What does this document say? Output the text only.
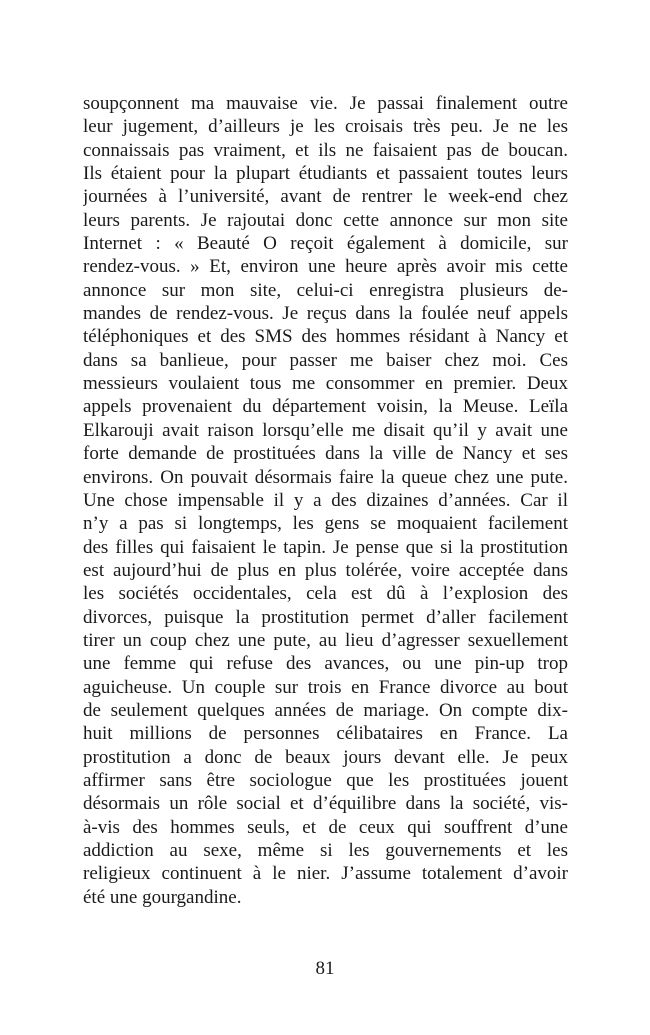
soupçonnent ma mauvaise vie. Je passai finalement outre
leur jugement, d’ailleurs je les croisais très peu. Je ne les
connaissais pas vraiment, et ils ne faisaient pas de boucan.
Ils étaient pour la plupart étudiants et passaient toutes leurs
journées à l’université, avant de rentrer le week-end chez
leurs parents. Je rajoutai donc cette annonce sur mon site
Internet : « Beauté O reçoit également à domicile, sur
rendez-vous. » Et, environ une heure après avoir mis cette
annonce sur mon site, celui-ci enregistra plusieurs de-
mandes de rendez-vous. Je reçus dans la foulée neuf appels
téléphoniques et des SMS des hommes résidant à Nancy et
dans sa banlieue, pour passer me baiser chez moi. Ces
messieurs voulaient tous me consommer en premier. Deux
appels provenaient du département voisin, la Meuse. Leïla
Elkarouji avait raison lorsqu’elle me disait qu’il y avait une
forte demande de prostituées dans la ville de Nancy et ses
environs. On pouvait désormais faire la queue chez une pute.
Une chose impensable il y a des dizaines d’années. Car il
n’y a pas si longtemps, les gens se moquaient facilement
des filles qui faisaient le tapin. Je pense que si la prostitution
est aujourd’hui de plus en plus tolérée, voire acceptée dans
les sociétés occidentales, cela est dû à l’explosion des
divorces, puisque la prostitution permet d’aller facilement
tirer un coup chez une pute, au lieu d’agresser sexuellement
une femme qui refuse des avances, ou une pin-up trop
aguicheuse. Un couple sur trois en France divorce au bout
de seulement quelques années de mariage. On compte dix-
huit millions de personnes célibataires en France. La
prostitution a donc de beaux jours devant elle. Je peux
affirmer sans être sociologue que les prostituées jouent
désormais un rôle social et d’équilibre dans la société, vis-
à-vis des hommes seuls, et de ceux qui souffrent d’une
addiction au sexe, même si les gouvernements et les
religieux continuent à le nier. J’assume totalement d’avoir
été une gourgandine.
81
